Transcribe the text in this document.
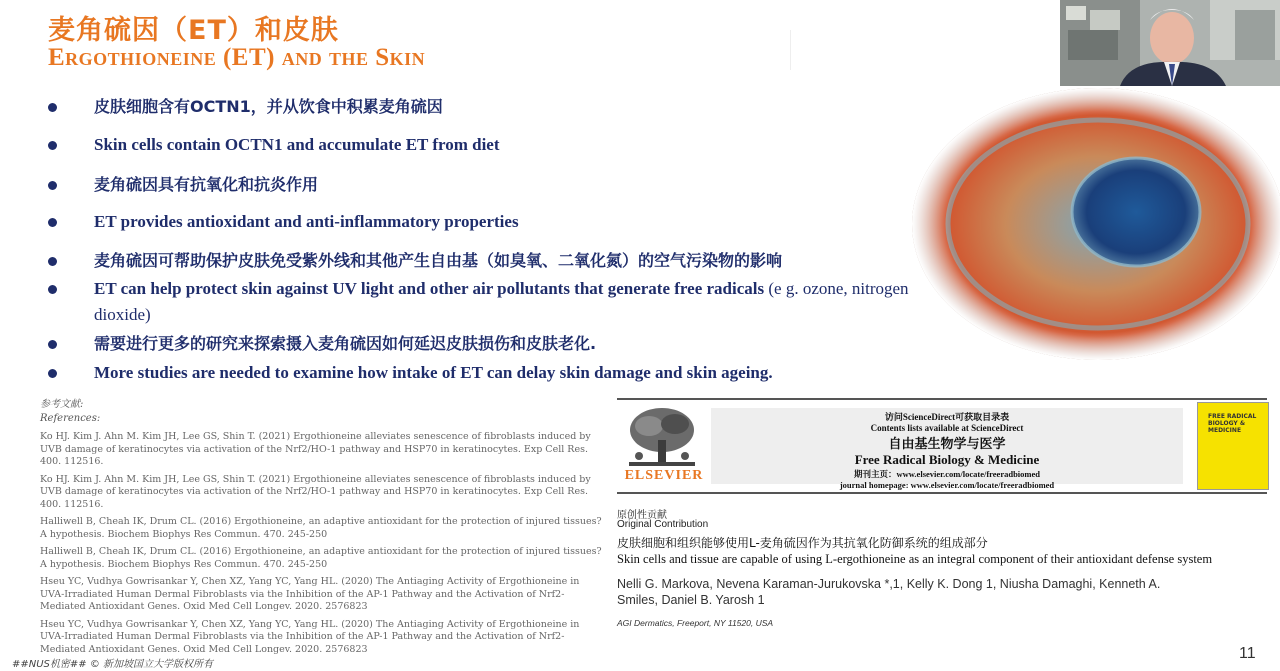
麦角硫因（ET）和皮肤
Ergothioneine (ET) and the Skin
皮肤细胞含有OCTN1，并从饮食中积累麦角硫因
Skin cells contain OCTN1 and accumulate ET from diet
麦角硫因具有抗氧化和抗炎作用
ET provides antioxidant and anti-inflammatory properties
麦角硫因可帮助保护皮肤免受紫外线和其他产生自由基（如臭氧、二氧化氮）的空气污染物的影响
ET can help protect skin against UV light and other air pollutants that generate free radicals (e g. ozone, nitrogen dioxide)
需要进行更多的研究来探索摄入麦角硫因如何延迟皮肤损伤和皮肤老化.
More studies are needed to examine how intake of ET can delay skin damage and skin ageing.
参考文献:
References:
Ko HJ. Kim J. Ahn M. Kim JH, Lee GS, Shin T. (2021) Ergothioneine alleviates senescence of fibroblasts induced by UVB damage of keratinocytes via activation of the Nrf2/HO-1 pathway and HSP70 in keratinocytes. Exp Cell Res. 400. 112516.
Ko HJ. Kim J. Ahn M. Kim JH, Lee GS, Shin T. (2021) Ergothioneine alleviates senescence of fibroblasts induced by UVB damage of keratinocytes via activation of the Nrf2/HO-1 pathway and HSP70 in keratinocytes. Exp Cell Res. 400. 112516.
Halliwell B, Cheah IK, Drum CL. (2016) Ergothioneine, an adaptive antioxidant for the protection of injured tissues? A hypothesis. Biochem Biophys Res Commun. 470. 245-250
Halliwell B, Cheah IK, Drum CL. (2016) Ergothioneine, an adaptive antioxidant for the protection of injured tissues? A hypothesis. Biochem Biophys Res Commun. 470. 245-250
Hseu YC, Vudhya Gowrisankar Y, Chen XZ, Yang YC, Yang HL. (2020) The Antiaging Activity of Ergothioneine in UVA-Irradiated Human Dermal Fibroblasts via the Inhibition of the AP-1 Pathway and the Activation of Nrf2-Mediated Antioxidant Genes. Oxid Med Cell Longev. 2020. 2576823
Hseu YC, Vudhya Gowrisankar Y, Chen XZ, Yang YC, Yang HL. (2020) The Antiaging Activity of Ergothioneine in UVA-Irradiated Human Dermal Fibroblasts via the Inhibition of the AP-1 Pathway and the Activation of Nrf2-Mediated Antioxidant Genes. Oxid Med Cell Longev. 2020. 2576823
ELSEVIER
访问ScienceDirect可获取目录表
Contents lists available at ScienceDirect
自由基生物学与医学
Free Radical Biology & Medicine
期刊主页：www.elsevier.com/locate/freeradbiomed
journal homepage: www.elsevier.com/locate/freeradbiomed
FREE RADICAL BIOLOGY & MEDICINE
原创性贡献
Original Contribution
皮肤细胞和组织能够使用L-麦角硫因作为其抗氧化防御系统的组成部分
Skin cells and tissue are capable of using L-ergothioneine as an integral component of their antioxidant defense system
Nelli G. Markova, Nevena Karaman-Jurukovska *,1, Kelly K. Dong 1, Niusha Damaghi, Kenneth A. Smiles, Daniel B. Yarosh 1
AGI Dermatics, Freeport, NY 11520, USA
##NUS机密## © 新加坡国立大学版权所有
11
